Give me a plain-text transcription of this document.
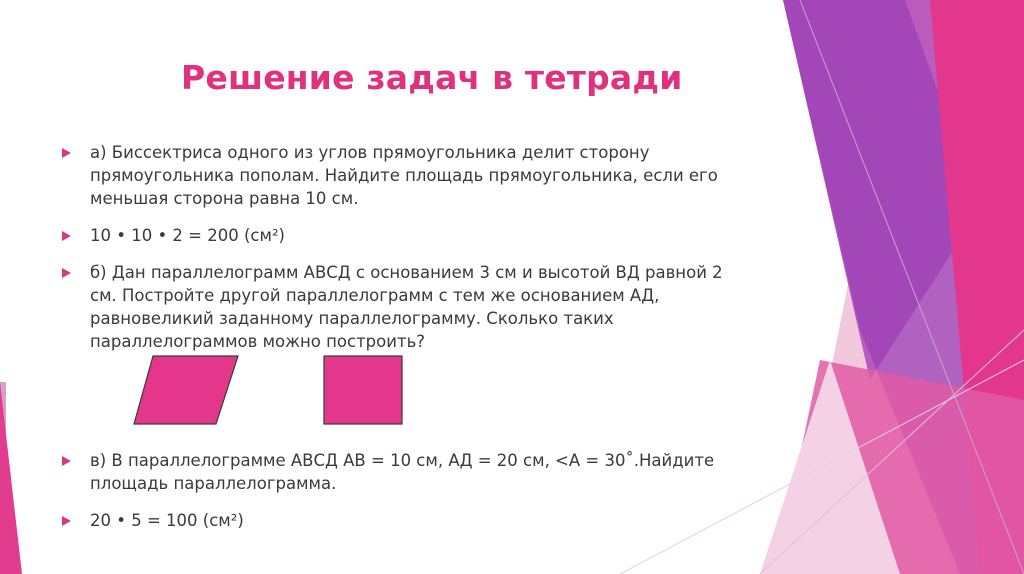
Решение задач в тетради
а) Биссектриса одного из углов прямоугольника делит сторону прямоугольника пополам. Найдите площадь прямоугольника, если его меньшая сторона равна 10 см.
10 • 10 • 2 = 200 (см²)
б) Дан параллелограмм АВСД с основанием 3 см и высотой ВД равной 2 см. Постройте другой параллелограмм с тем же основанием АД, равновеликий заданному параллелограмму. Сколько таких параллелограммов можно построить?
в) В параллелограмме АВСД АВ = 10 см, АД = 20 см, <А = 30˚.Найдите площадь параллелограмма.
20 • 5 = 100 (см²)
